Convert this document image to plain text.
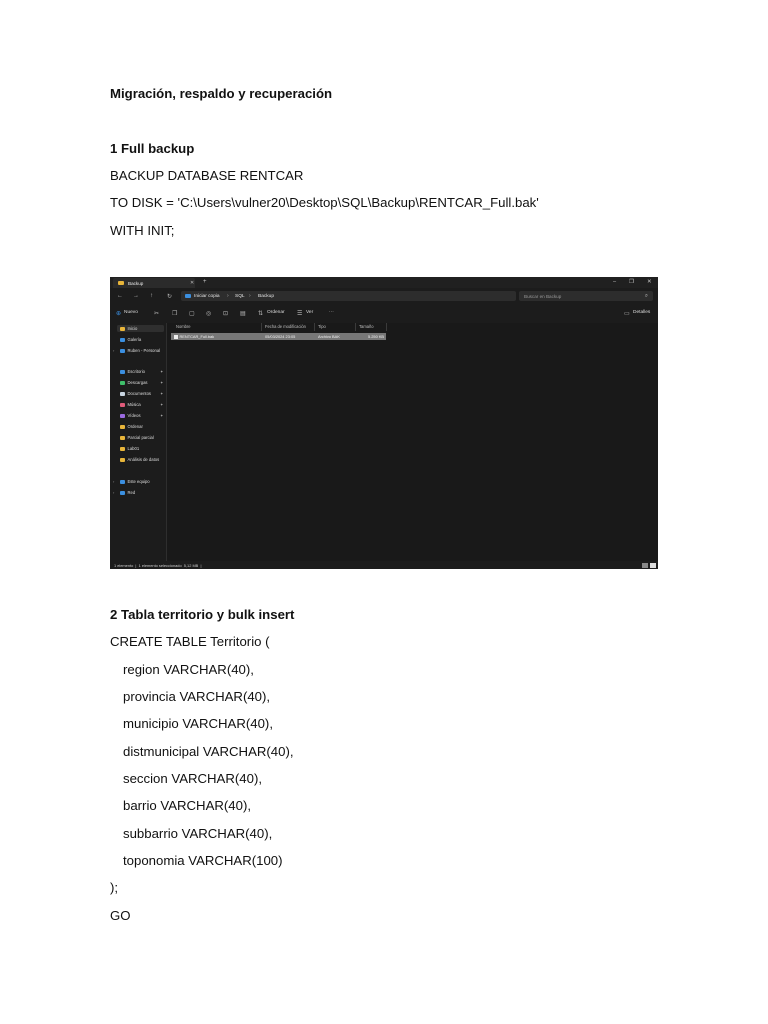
Migración, respaldo y recuperación
1 Full backup
BACKUP DATABASE RENTCAR
TO DISK = 'C:\Users\vulner20\Desktop\SQL\Backup\RENTCAR_Full.bak'
WITH INIT;
Backup	✕ +	– ❐ ✕
← → ↑ ↻	Iniciar copia › SQL › Backup	Buscar en Backup	⌕
⊕ Nuevo	✂ ❐ ▢ ◎ ⊡ ▤ ⇅ Ordenar ☰ Ver	···	▭ Detalles
Inicio
Galería
›	Ruben - Personal
Escritorio	✦
Descargas	✦
Documentos ✦
Música	✦
Vídeos	✦
Ordenar
Parcial parcial
Lab01
Análisis de datos
›	Este equipo
›	Red
Nombre	Fecha de modificación	Tipo	Tamaño
RENTCAR_Full.bak	05/03/2024 23:05	Archivo BAK	5.250 KB
1 elemento  |  1 elemento seleccionado  5,12 MB  |
2 Tabla territorio y bulk insert
CREATE TABLE Territorio (
region VARCHAR(40),
provincia VARCHAR(40),
municipio VARCHAR(40),
distmunicipal VARCHAR(40),
seccion VARCHAR(40),
barrio VARCHAR(40),
subbarrio VARCHAR(40),
toponomia VARCHAR(100)
);
GO
